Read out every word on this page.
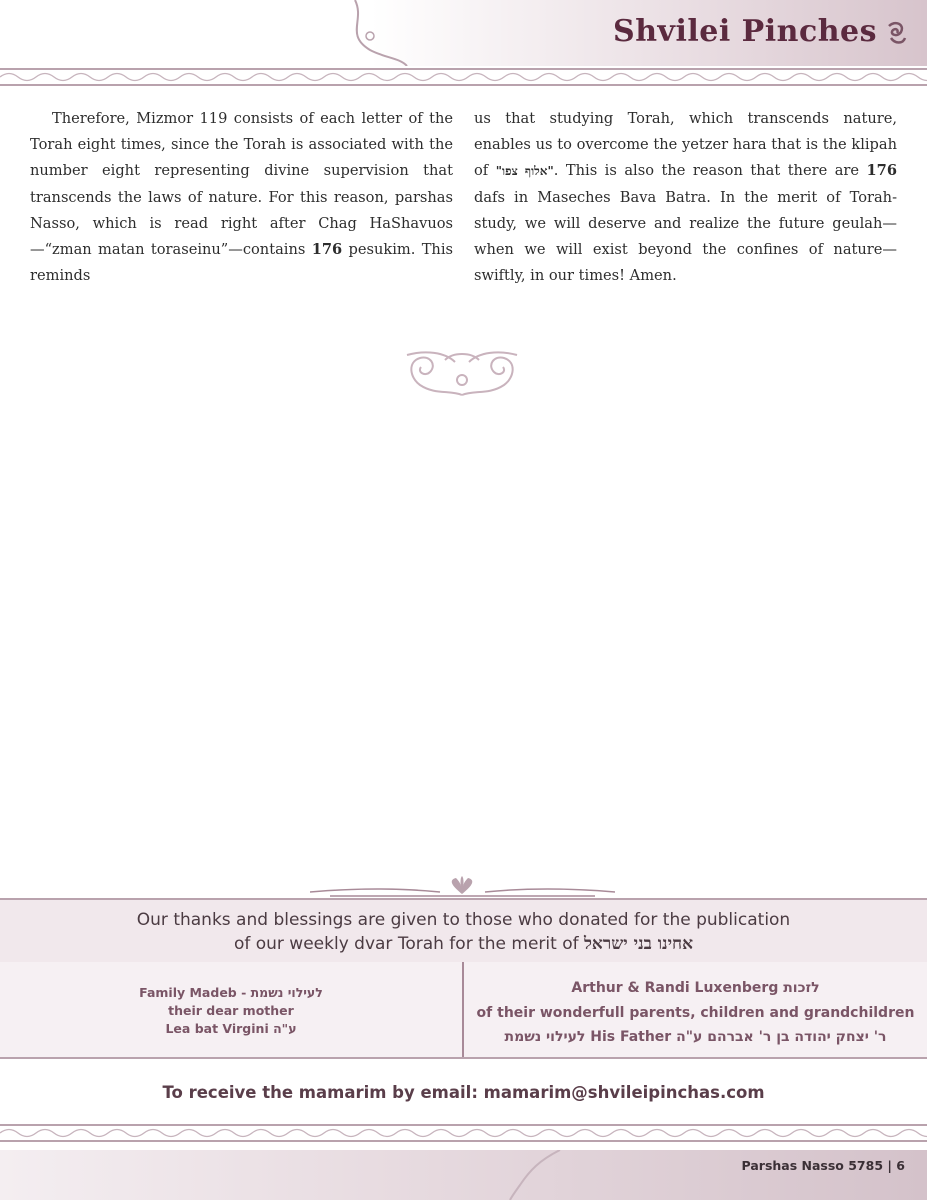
Shvilei Pinches

Therefore, Mizmor 119 consists of each letter of the Torah eight times, since the Torah is associated with the number eight representing divine supervision that transcends the laws of nature. For this reason, parshas Nasso, which is read right after Chag HaShavuos—“zman matan toraseinu”—contains 176 pesukim. This reminds

us that studying Torah, which transcends nature, enables us to overcome the yetzer hara that is the klipah of "אלוף צפו". This is also the reason that there are 176 dafs in Maseches Bava Batra. In the merit of Torah-study, we will deserve and realize the future geulah—when we will exist beyond the confines of nature—swiftly, in our times! Amen.

Our thanks and blessings are given to those who donated for the publication
of our weekly dvar Torah for the merit of אחינו בני ישראל
Family Madeb - לעילוי נשמת
their dear mother
Lea bat Virgini ע"ה
Arthur & Randi Luxenberg לזכות
of their wonderfull parents, children and grandchildren
לעילוי נשמת His Father ר' יצחק יהודה בן ר' אברהם ע"ה
To receive the mamarim by email: mamarim@shvileipinchas.com
Parshas Nasso 5785 | 6
